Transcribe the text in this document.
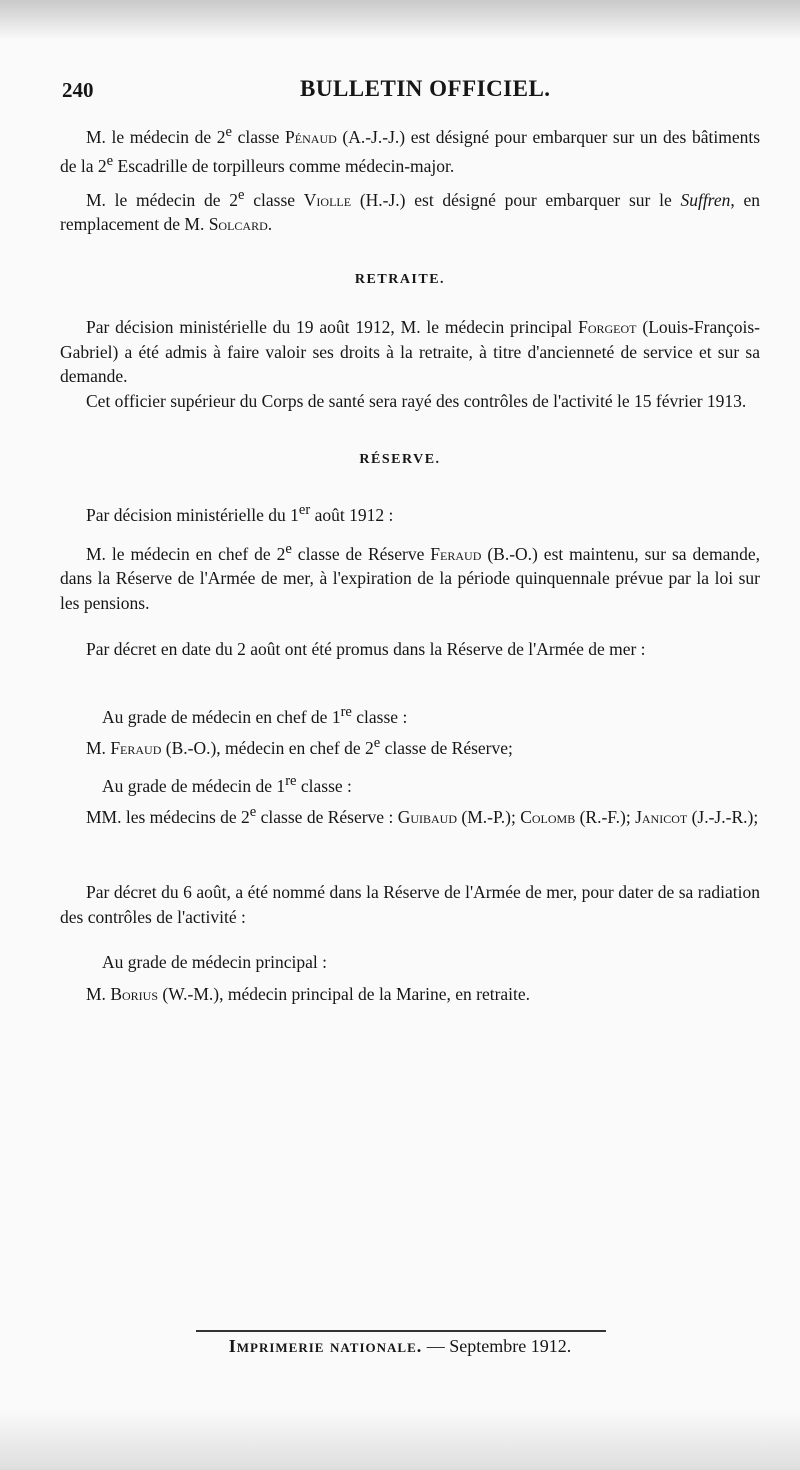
240	BULLETIN OFFICIEL.

M. le médecin de 2e classe Pénaud (A.-J.-J.) est désigné pour embarquer sur un des bâtiments de la 2e Escadrille de torpilleurs comme médecin-major.

M. le médecin de 2e classe Violle (H.-J.) est désigné pour embarquer sur le Suffren, en remplacement de M. Solcard.

RETRAITE.

Par décision ministérielle du 19 août 1912, M. le médecin principal Forgeot (Louis-François-Gabriel) a été admis à faire valoir ses droits à la retraite, à titre d'ancienneté de service et sur sa demande.

Cet officier supérieur du Corps de santé sera rayé des contrôles de l'activité le 15 février 1913.

RÉSERVE.

Par décision ministérielle du 1er août 1912 :

M. le médecin en chef de 2e classe de Réserve Feraud (B.-O.) est maintenu, sur sa demande, dans la Réserve de l'Armée de mer, à l'expiration de la période quinquennale prévue par la loi sur les pensions.

Par décret en date du 2 août ont été promus dans la Réserve de l'Armée de mer :

Au grade de médecin en chef de 1re classe :

M. Feraud (B.-O.), médecin en chef de 2e classe de Réserve;

Au grade de médecin de 1re classe :

MM. les médecins de 2e classe de Réserve : Guibaud (M.-P.); Colomb (R.-F.); Janicot (J.-J.-R.);

Par décret du 6 août, a été nommé dans la Réserve de l'Armée de mer, pour dater de sa radiation des contrôles de l'activité :

Au grade de médecin principal :

M. Borius (W.-M.), médecin principal de la Marine, en retraite.

Imprimerie nationale. — Septembre 1912.
